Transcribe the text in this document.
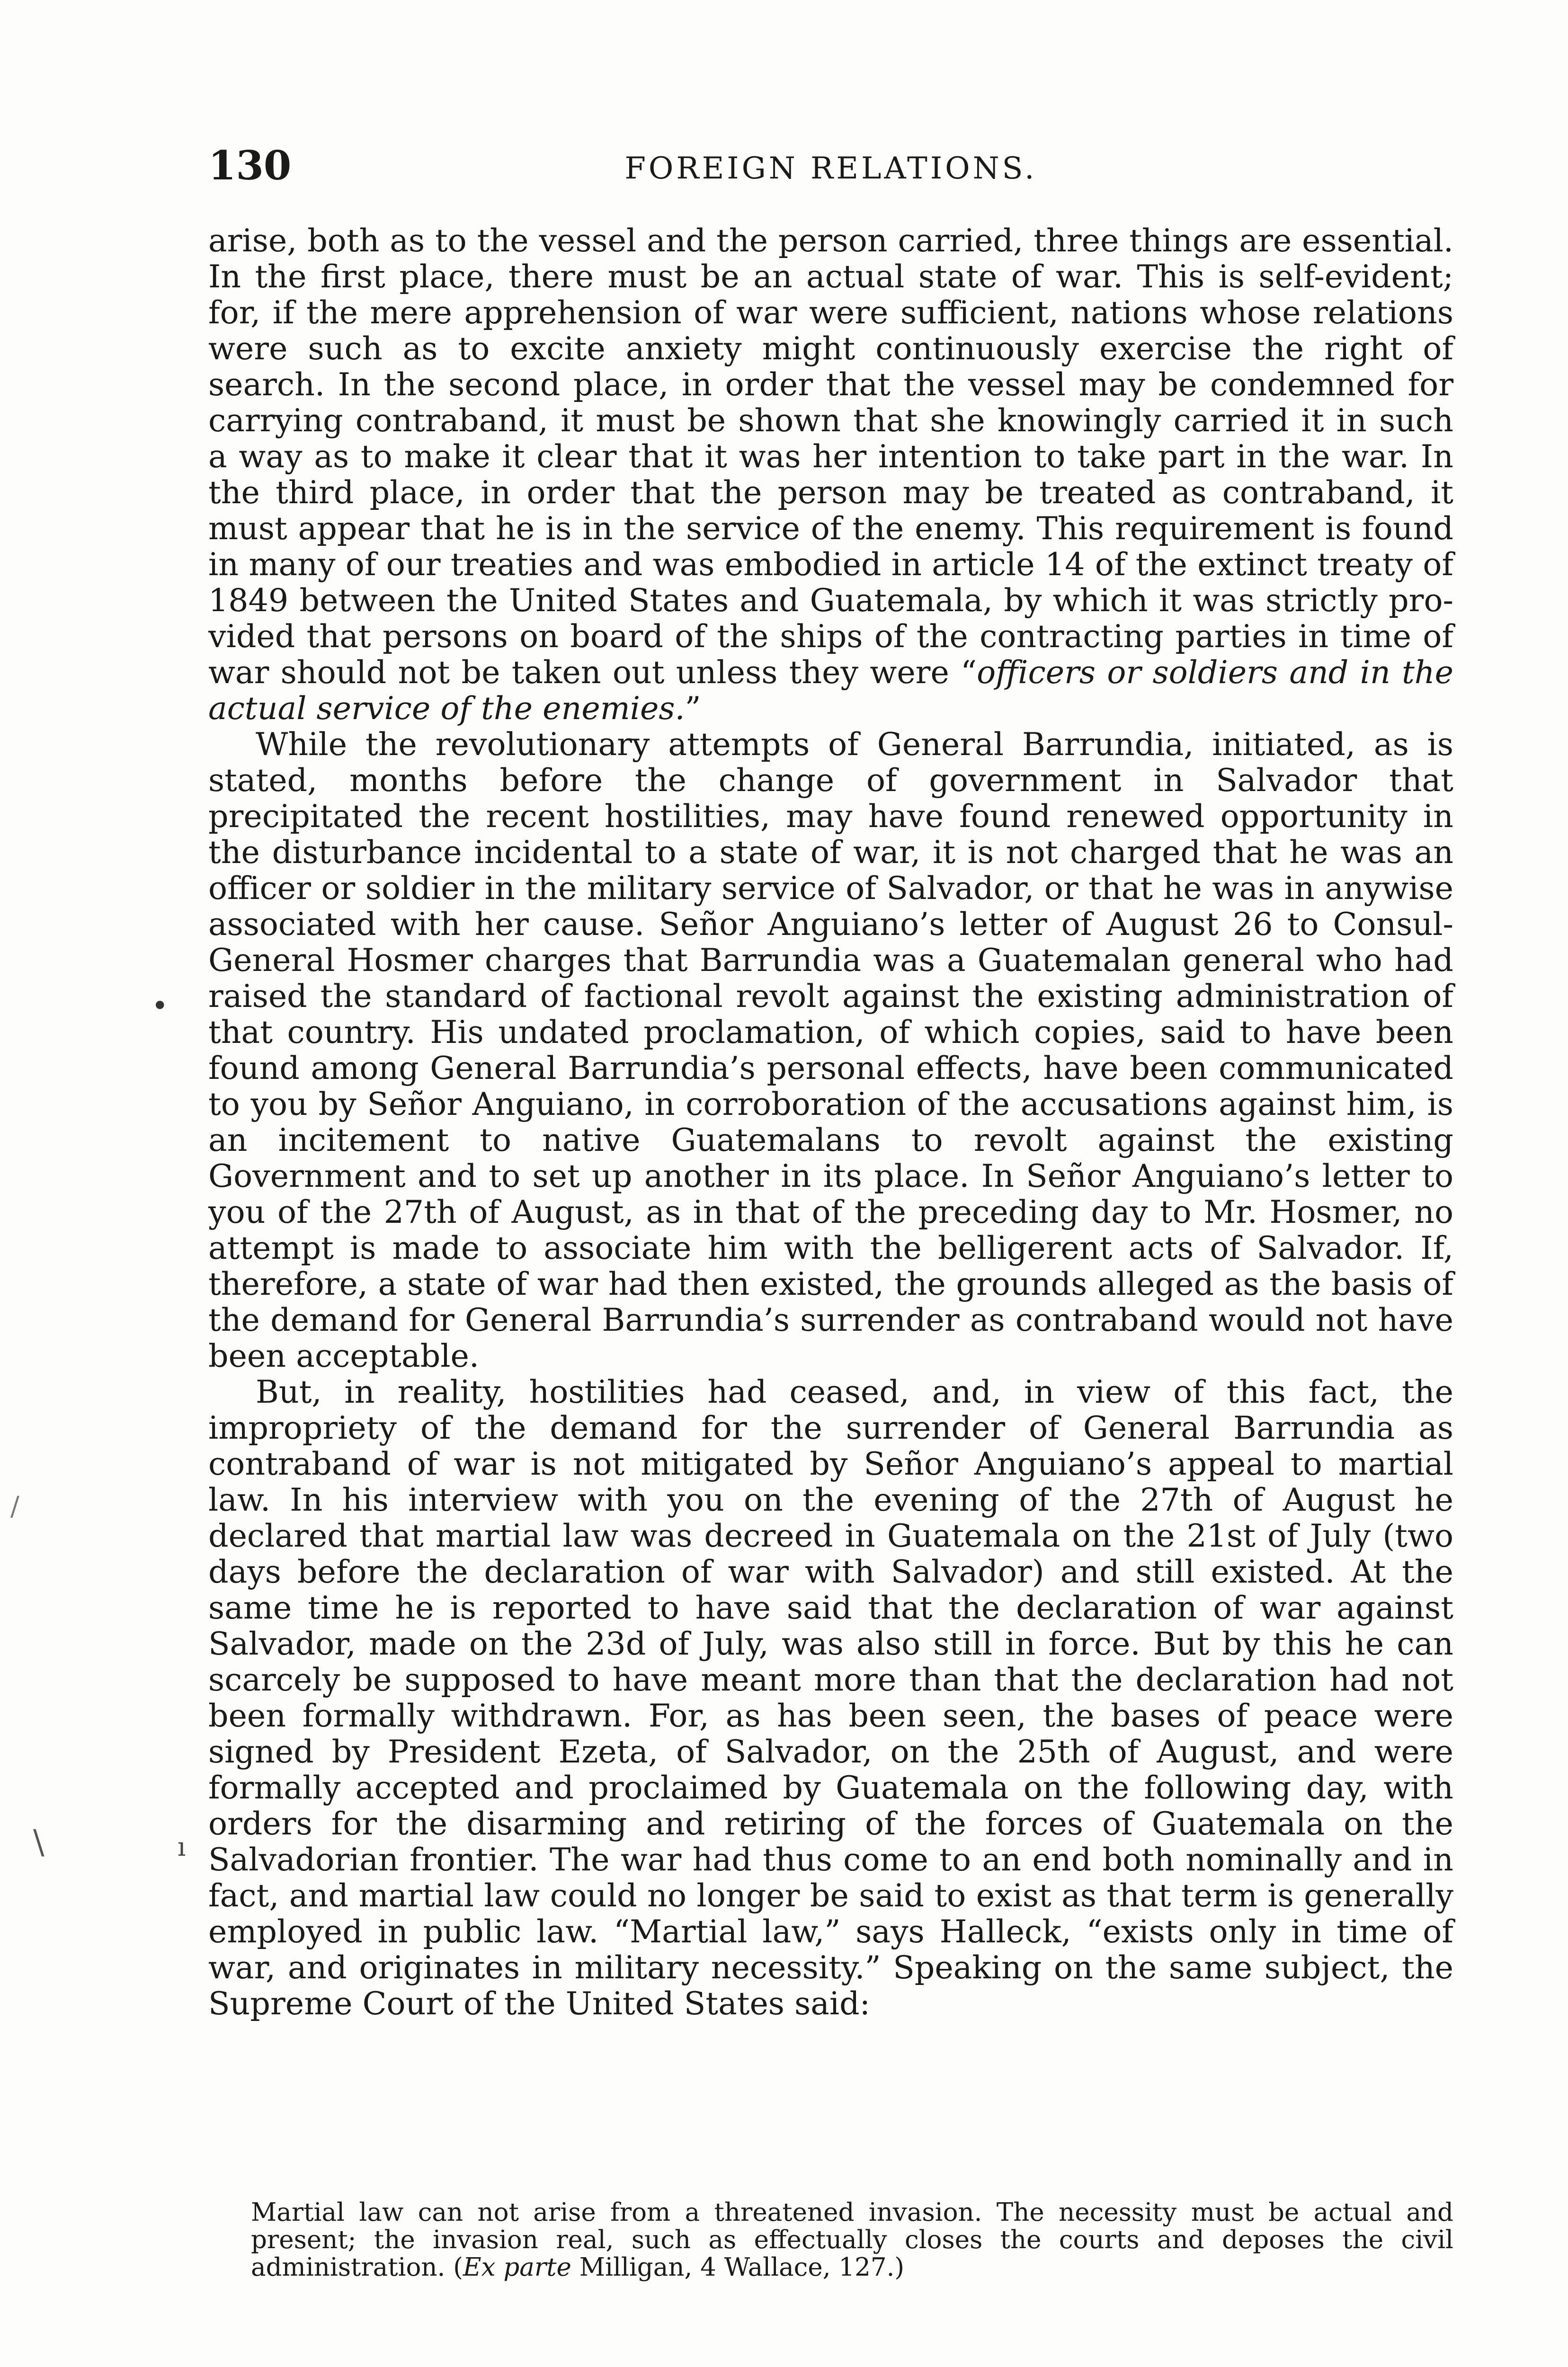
130	FOREIGN RELATIONS.

arise, both as to the vessel and the person carried, three things are essential. In the first place, there must be an actual state of war. This is self-evident; for, if the mere apprehension of war were sufficient, nations whose relations were such as to excite anxiety might continuously exercise the right of search. In the second place, in order that the vessel may be condemned for carrying contraband, it must be shown that she knowingly carried it in such a way as to make it clear that it was her intention to take part in the war. In the third place, in order that the person may be treated as contraband, it must appear that he is in the service of the enemy. This requirement is found in many of our treaties and was embodied in article 14 of the extinct treaty of 1849 between the United States and Guatemala, by which it was strictly provided that persons on board of the ships of the contracting parties in time of war should not be taken out unless they were “officers or soldiers and in the actual service of the enemies.”

While the revolutionary attempts of General Barrundia, initiated, as is stated, months before the change of government in Salvador that precipitated the recent hostilities, may have found renewed opportunity in the disturbance incidental to a state of war, it is not charged that he was an officer or soldier in the military service of Salvador, or that he was in anywise associated with her cause. Señor Anguiano’s letter of August 26 to Consul-General Hosmer charges that Barrundia was a Guatemalan general who had raised the standard of factional revolt against the existing administration of that country. His undated proclamation, of which copies, said to have been found among General Barrundia’s personal effects, have been communicated to you by Señor Anguiano, in corroboration of the accusations against him, is an incitement to native Guatemalans to revolt against the existing Government and to set up another in its place. In Señor Anguiano’s letter to you of the 27th of August, as in that of the preceding day to Mr. Hosmer, no attempt is made to associate him with the belligerent acts of Salvador. If, therefore, a state of war had then existed, the grounds alleged as the basis of the demand for General Barrundia’s surrender as contraband would not have been acceptable.

But, in reality, hostilities had ceased, and, in view of this fact, the impropriety of the demand for the surrender of General Barrundia as contraband of war is not mitigated by Señor Anguiano’s appeal to martial law. In his interview with you on the evening of the 27th of August he declared that martial law was decreed in Guatemala on the 21st of July (two days before the declaration of war with Salvador) and still existed. At the same time he is reported to have said that the declaration of war against Salvador, made on the 23d of July, was also still in force. But by this he can scarcely be supposed to have meant more than that the declaration had not been formally withdrawn. For, as has been seen, the bases of peace were signed by President Ezeta, of Salvador, on the 25th of August, and were formally accepted and proclaimed by Guatemala on the following day, with orders for the disarming and retiring of the forces of Guatemala on the Salvadorian frontier. The war had thus come to an end both nominally and in fact, and martial law could no longer be said to exist as that term is generally employed in public law. “Martial law,” says Halleck, “exists only in time of war, and originates in military necessity.” Speaking on the same subject, the Supreme Court of the United States said:

Martial law can not arise from a threatened invasion. The necessity must be actual and present; the invasion real, such as effectually closes the courts and deposes the civil administration. (Ex parte Milligan, 4 Wallace, 127.)

•
/
\	ı
